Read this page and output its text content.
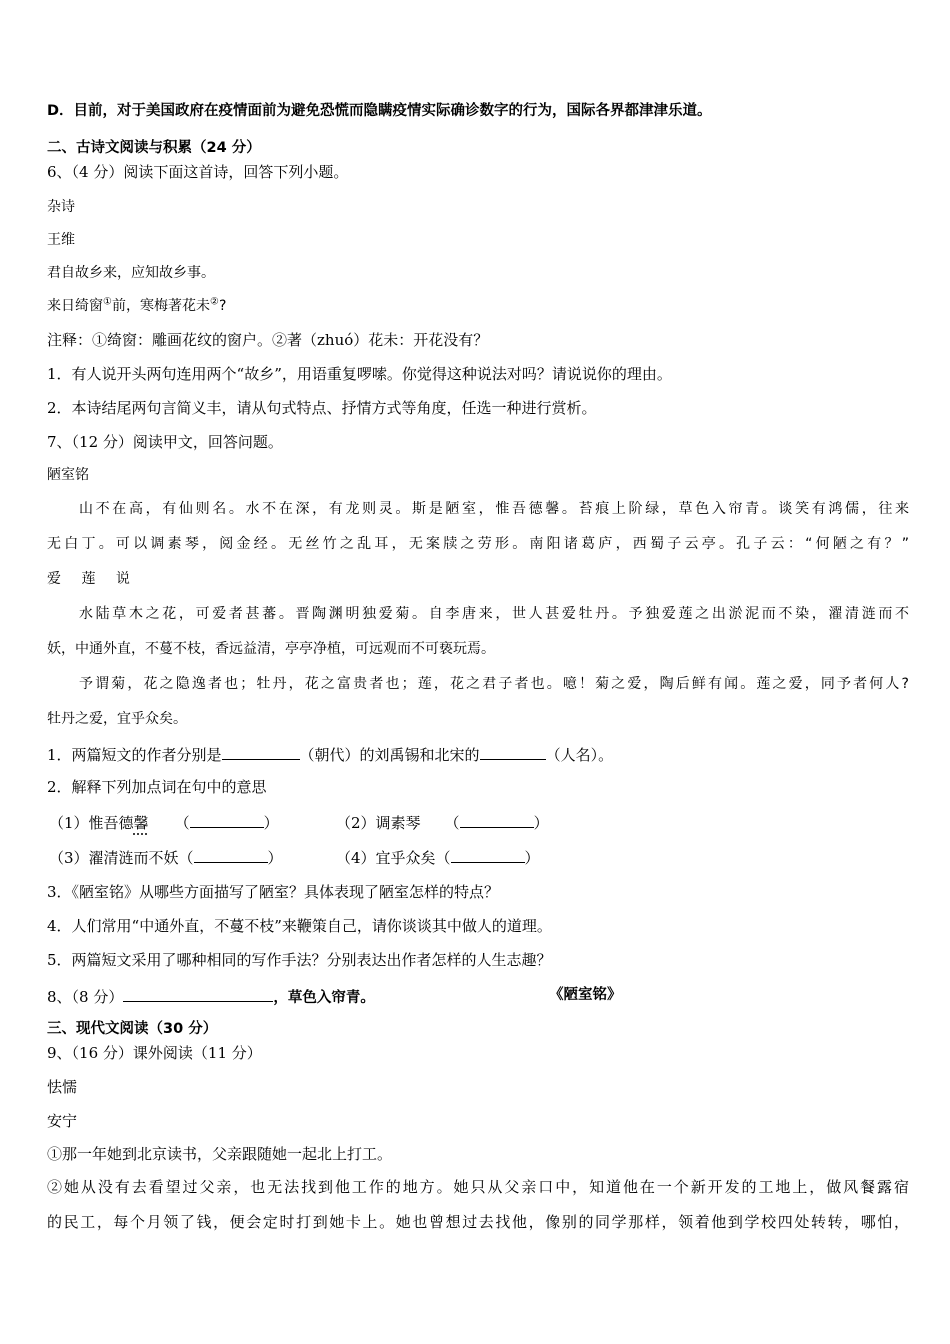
D．目前，对于美国政府在疫情面前为避免恐慌而隐瞒疫情实际确诊数字的行为，国际各界都津津乐道。
二、古诗文阅读与积累（24 分）
6、（4 分）阅读下面这首诗，回答下列小题。
杂诗
王维
君自故乡来，应知故乡事。
来日绮窗①前，寒梅著花未②?
注释：①绮窗：雕画花纹的窗户。②著（zhuó）花未：开花没有？
1．有人说开头两句连用两个“故乡”，用语重复啰嗦。你觉得这种说法对吗？请说说你的理由。
2．本诗结尾两句言简义丰，请从句式特点、抒情方式等角度，任选一种进行赏析。
7、（12 分）阅读甲文，回答问题。
陋室铭
山不在高，有仙则名。水不在深，有龙则灵。斯是陋室，惟吾德馨。苔痕上阶绿，草色入帘青。谈笑有鸿儒，往来
无白丁。可以调素琴，阅金经。无丝竹之乱耳，无案牍之劳形。南阳诸葛庐，西蜀子云亭。孔子云：“何陋之有？”
爱 莲 说
水陆草木之花，可爱者甚蕃。晋陶渊明独爱菊。自李唐来，世人甚爱牡丹。予独爱莲之出淤泥而不染，濯清涟而不
妖，中通外直，不蔓不枝，香远益清，亭亭净植，可远观而不可亵玩焉。
予谓菊，花之隐逸者也；牡丹，花之富贵者也；莲，花之君子者也。噫！菊之爱，陶后鲜有闻。莲之爱，同予者何人?
牡丹之爱，宜乎众矣。
1．两篇短文的作者分别是	（朝代）的刘禹锡和北宋的	（人名）。
2．解释下列加点词在句中的意思
（1）惟吾德馨 （	）	（2）调素琴 （	）
（3）濯清涟而不妖（	）	（4）宜乎众矣（	）
3．《陋室铭》从哪些方面描写了陋室？具体表现了陋室怎样的特点？
4．人们常用“中通外直，不蔓不枝”来鞭策自己，请你谈谈其中做人的道理。
5．两篇短文采用了哪种相同的写作手法？分别表达出作者怎样的人生志趣？
8、（8 分）	，草色入帘青。	《陋室铭》
三、现代文阅读（30 分）
9、（16 分）课外阅读（11 分）
怯懦
安宁
①那一年她到北京读书，父亲跟随她一起北上打工。
②她从没有去看望过父亲，也无法找到他工作的地方。她只从父亲口中，知道他在一个新开发的工地上，做风餐露宿
的民工，每个月领了钱，便会定时打到她卡上。她也曾想过去找他，像别的同学那样，领着他到学校四处转转，哪怕，
